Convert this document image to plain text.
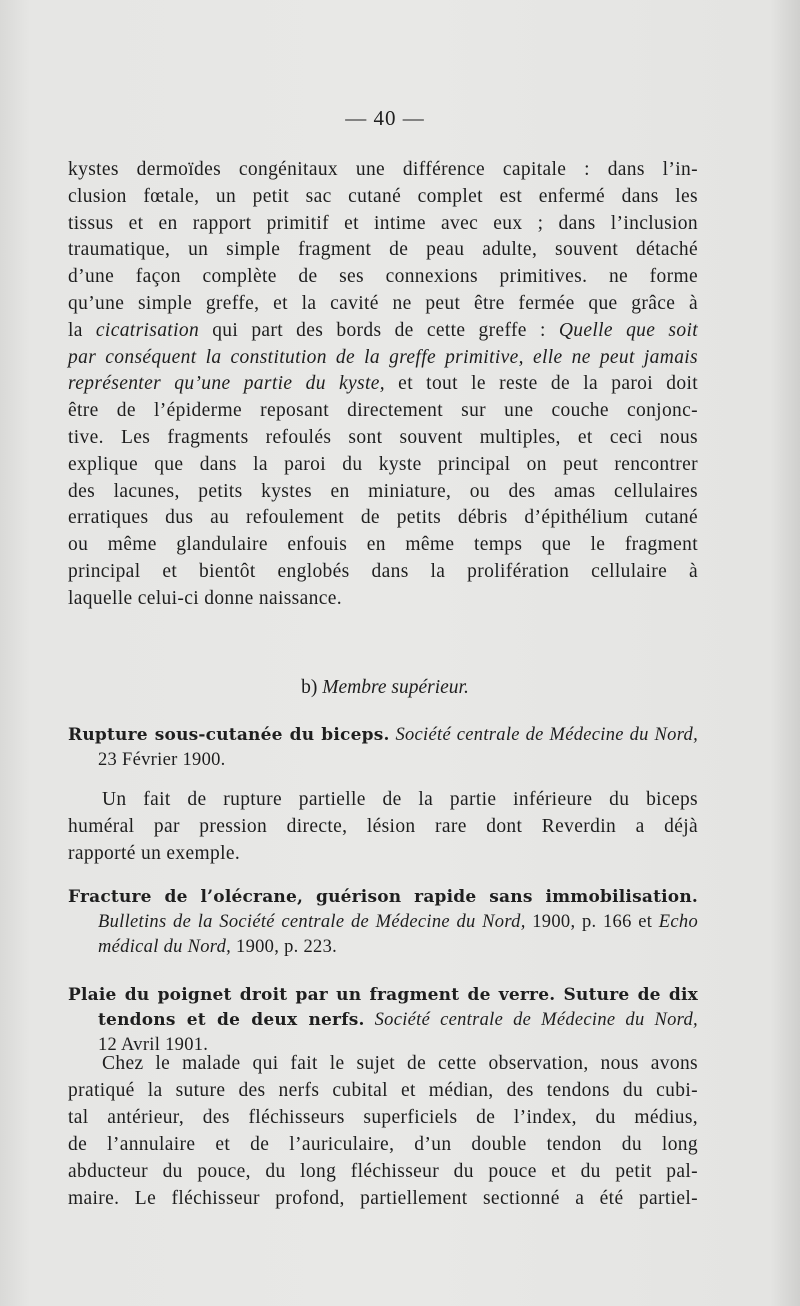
— 40 —
kystes dermoïdes congénitaux une différence capitale : dans l’in-
clusion fœtale, un petit sac cutané complet est enfermé dans les
tissus et en rapport primitif et intime avec eux ; dans l’inclusion
traumatique, un simple fragment de peau adulte, souvent détaché
d’une façon complète de ses connexions primitives. ne forme
qu’une simple greffe, et la cavité ne peut être fermée que grâce à
la cicatrisation qui part des bords de cette greffe : Quelle que soit
par conséquent la constitution de la greffe primitive, elle ne peut jamais
représenter qu’une partie du kyste, et tout le reste de la paroi doit
être de l’épiderme reposant directement sur une couche conjonc-
tive. Les fragments refoulés sont souvent multiples, et ceci nous
explique que dans la paroi du kyste principal on peut rencontrer
des lacunes, petits kystes en miniature, ou des amas cellulaires
erratiques dus au refoulement de petits débris d’épithélium cutané
ou même glandulaire enfouis en même temps que le fragment
principal et bientôt englobés dans la prolifération cellulaire à
laquelle celui-ci donne naissance.
b) Membre supérieur.
Rupture sous-cutanée du biceps. Société centrale de Médecine du Nord,
23 Février 1900.
Un fait de rupture partielle de la partie inférieure du biceps
huméral par pression directe, lésion rare dont Reverdin a déjà
rapporté un exemple.
Fracture de l’olécrane, guérison rapide sans immobilisation.
Bulletins de la Société centrale de Médecine du Nord, 1900, p. 166 et Echo
médical du Nord, 1900, p. 223.
Plaie du poignet droit par un fragment de verre. Suture de dix
tendons et de deux nerfs. Société centrale de Médecine du Nord,
12 Avril 1901.
Chez le malade qui fait le sujet de cette observation, nous avons
pratiqué la suture des nerfs cubital et médian, des tendons du cubi-
tal antérieur, des fléchisseurs superficiels de l’index, du médius,
de l’annulaire et de l’auriculaire, d’un double tendon du long
abducteur du pouce, du long fléchisseur du pouce et du petit pal-
maire. Le fléchisseur profond, partiellement sectionné a été partiel-
